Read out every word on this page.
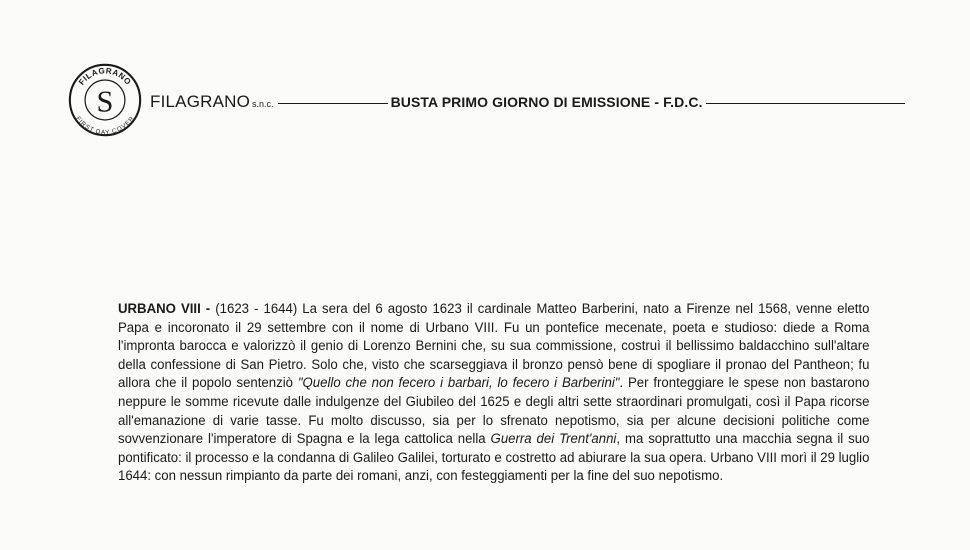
FILAGRANO
FIRST DAY COVER
S FILAGRANO s.n.c.	BUSTA PRIMO GIORNO DI EMISSIONE - F.D.C.
URBANO VIII - (1623 - 1644) La sera del 6 agosto 1623 il cardinale Matteo Barberini, nato a Firenze nel 1568, venne eletto Papa e incoronato il 29 settembre con il nome di Urbano VIII. Fu un pontefice mecenate, poeta e studioso: diede a Roma l'impronta barocca e valorizzò il genio di Lorenzo Bernini che, su sua commissione, costruì il bellissimo baldacchino sull'altare della confessione di San Pietro. Solo che, visto che scarseggiava il bronzo pensò bene di spogliare il pronao del Pantheon; fu allora che il popolo sentenziò "Quello che non fecero i barbari, lo fecero i Barberini". Per fronteggiare le spese non bastarono neppure le somme ricevute dalle indulgenze del Giubileo del 1625 e degli altri sette straordinari promulgati, così il Papa ricorse all'emanazione di varie tasse. Fu molto discusso, sia per lo sfrenato nepotismo, sia per alcune decisioni politiche come sovvenzionare l'imperatore di Spagna e la lega cattolica nella Guerra dei Trent'anni, ma soprattutto una macchia segna il suo pontificato: il processo e la condanna di Galileo Galilei, torturato e costretto ad abiurare la sua opera. Urbano VIII morì il 29 luglio 1644: con nessun rimpianto da parte dei romani, anzi, con festeggiamenti per la fine del suo nepotismo.
